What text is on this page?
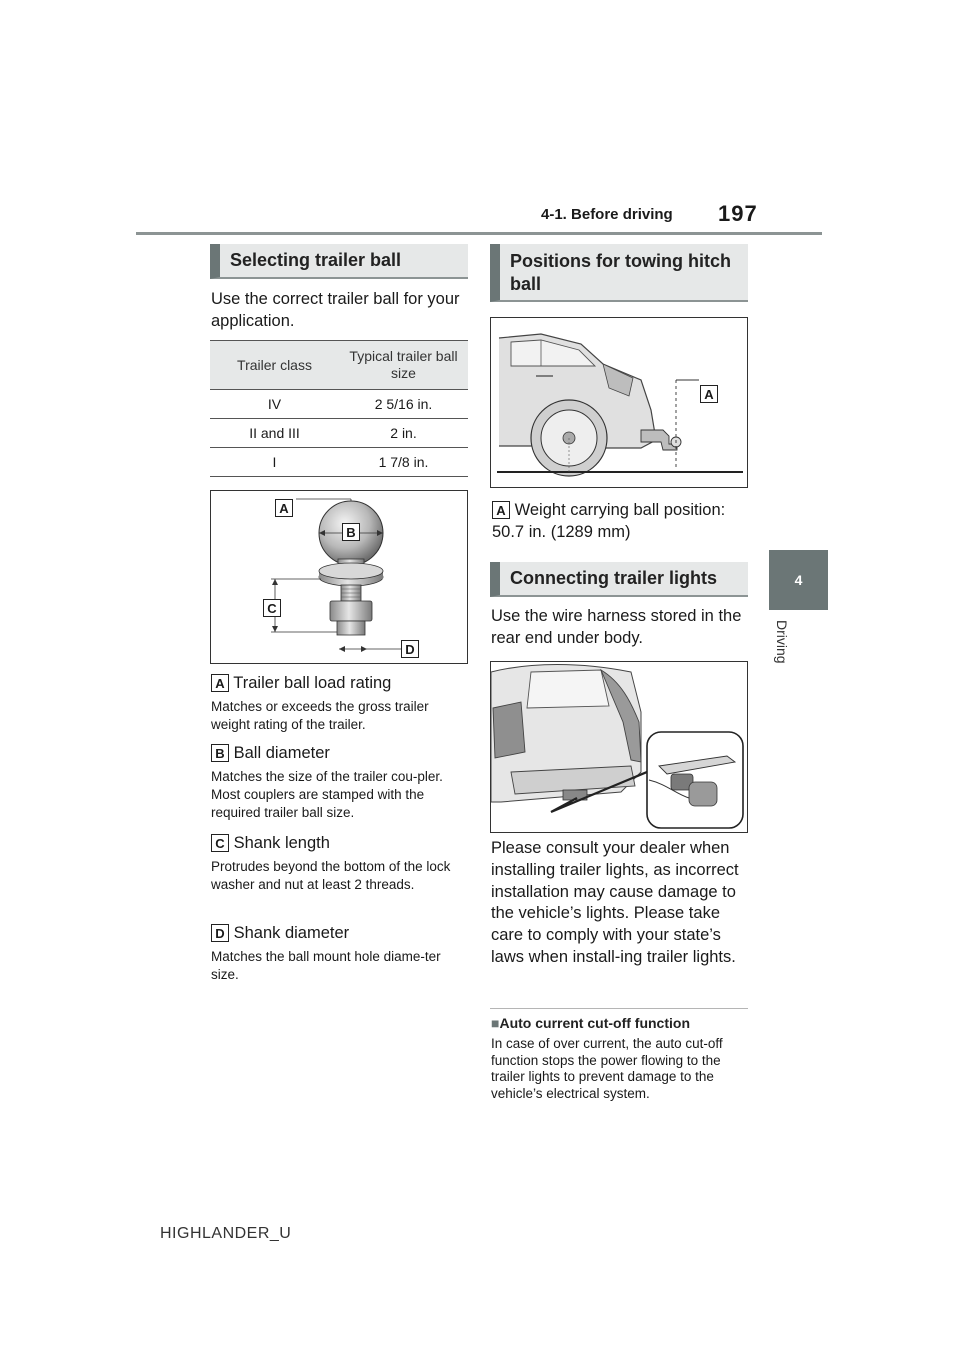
4-1. Before driving 197
4
Driving
Selecting trailer ball
Use the correct trailer ball for your application.
Trailer class	Typical trailer ball size
IV	2 5/16 in.
II and III	2 in.
I	1 7/8 in.
A
B
C
D
A Trailer ball load rating
Matches or exceeds the gross trailer weight rating of the trailer.
B Ball diameter
Matches the size of the trailer cou-pler. Most couplers are stamped with the required trailer ball size.
C Shank length
Protrudes beyond the bottom of the lock washer and nut at least 2 threads.
D Shank diameter
Matches the ball mount hole diame-ter size.
Positions for towing hitch ball
A
A Weight carrying ball position: 50.7 in. (1289 mm)
Connecting trailer lights
Use the wire harness stored in the rear end under body.
Please consult your dealer when installing trailer lights, as incorrect installation may cause damage to the vehicle’s lights. Please take care to comply with your state’s laws when install-ing trailer lights.
■Auto current cut-off function
In case of over current, the auto cut-off function stops the power flowing to the trailer lights to prevent damage to the vehicle’s electrical system.
HIGHLANDER_U
